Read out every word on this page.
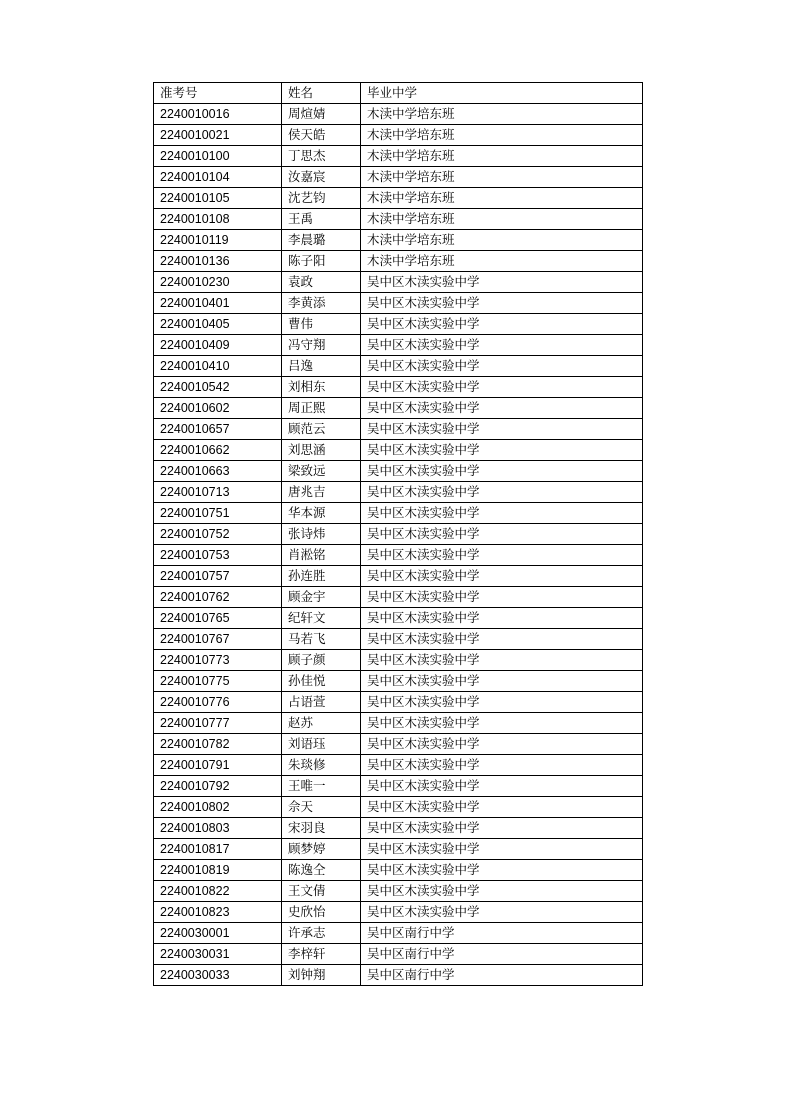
准考号	姓名	毕业中学
2240010016	周煊婧	木渎中学培东班
2240010021	侯天皓	木渎中学培东班
2240010100	丁思杰	木渎中学培东班
2240010104	汝嘉宸	木渎中学培东班
2240010105	沈艺钧	木渎中学培东班
2240010108	王禹	木渎中学培东班
2240010119	李晨璐	木渎中学培东班
2240010136	陈子阳	木渎中学培东班
2240010230	袁政	吴中区木渎实验中学
2240010401	李黄添	吴中区木渎实验中学
2240010405	曹伟	吴中区木渎实验中学
2240010409	冯守翔	吴中区木渎实验中学
2240010410	吕逸	吴中区木渎实验中学
2240010542	刘相东	吴中区木渎实验中学
2240010602	周正熙	吴中区木渎实验中学
2240010657	顾范云	吴中区木渎实验中学
2240010662	刘思涵	吴中区木渎实验中学
2240010663	梁致远	吴中区木渎实验中学
2240010713	唐兆吉	吴中区木渎实验中学
2240010751	华本源	吴中区木渎实验中学
2240010752	张诗炜	吴中区木渎实验中学
2240010753	肖淞铭	吴中区木渎实验中学
2240010757	孙连胜	吴中区木渎实验中学
2240010762	顾金宇	吴中区木渎实验中学
2240010765	纪轩文	吴中区木渎实验中学
2240010767	马若飞	吴中区木渎实验中学
2240010773	顾子颜	吴中区木渎实验中学
2240010775	孙佳悦	吴中区木渎实验中学
2240010776	占语萱	吴中区木渎实验中学
2240010777	赵苏	吴中区木渎实验中学
2240010782	刘语珏	吴中区木渎实验中学
2240010791	朱琰修	吴中区木渎实验中学
2240010792	王唯一	吴中区木渎实验中学
2240010802	佘天	吴中区木渎实验中学
2240010803	宋羽良	吴中区木渎实验中学
2240010817	顾梦婷	吴中区木渎实验中学
2240010819	陈逸仝	吴中区木渎实验中学
2240010822	王文倩	吴中区木渎实验中学
2240010823	史欣怡	吴中区木渎实验中学
2240030001	许承志	吴中区南行中学
2240030031	李梓轩	吴中区南行中学
2240030033	刘钟翔	吴中区南行中学
